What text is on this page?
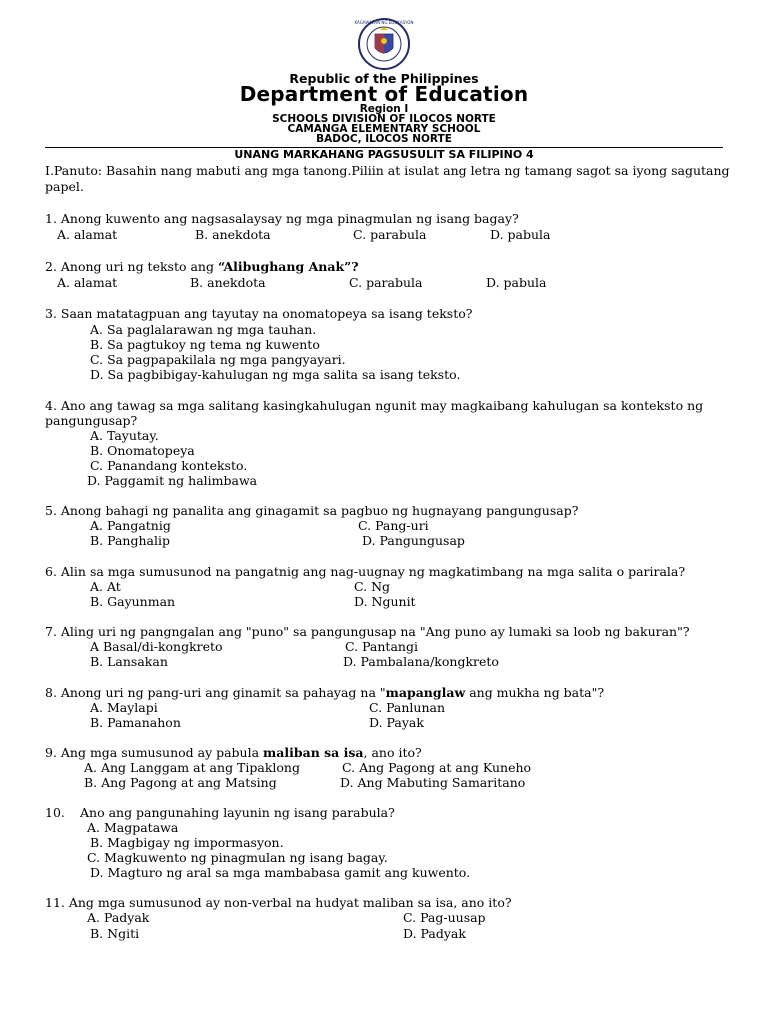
KAGAWARAN NG EDUKASYON
Republic of the Philippines
Department of Education
Region I
SCHOOLS DIVISION OF ILOCOS NORTE
CAMANGA ELEMENTARY SCHOOL
BADOC, ILOCOS NORTE
UNANG MARKAHANG PAGSUSULIT SA FILIPINO 4
I.Panuto: Basahin nang mabuti ang mga tanong.Piliin at isulat ang letra ng tamang sagot sa iyong sagutang
papel.
1. Anong kuwento ang nagsasalaysay ng mga pinagmulan ng isang bagay?
A. alamat	B. anekdota	C. parabula	D. pabula
2. Anong uri ng teksto ang “Alibughang Anak”?
A. alamat	B. anekdota	C. parabula	D. pabula
3. Saan matatagpuan ang tayutay na onomatopeya sa isang teksto?
A. Sa paglalarawan ng mga tauhan.
B. Sa pagtukoy ng tema ng kuwento
C. Sa pagpapakilala ng mga pangyayari.
D. Sa pagbibigay-kahulugan ng mga salita sa isang teksto.
4. Ano ang tawag sa mga salitang kasingkahulugan ngunit may magkaibang kahulugan sa konteksto ng
pangungusap?
A. Tayutay.
B. Onomatopeya
C. Panandang konteksto.
D. Paggamit ng halimbawa
5. Anong bahagi ng panalita ang ginagamit sa pagbuo ng hugnayang pangungusap?
A. Pangatnig	C. Pang-uri
B. Panghalip	D. Pangungusap
6. Alin sa mga sumusunod na pangatnig ang nag-uugnay ng magkatimbang na mga salita o parirala?
A. At	C. Ng
B. Gayunman	D. Ngunit
7. Aling uri ng pangngalan ang "puno" sa pangungusap na "Ang puno ay lumaki sa loob ng bakuran"?
A Basal/di-kongkreto	C. Pantangi
B. Lansakan	D. Pambalana/kongkreto
8. Anong uri ng pang-uri ang ginamit sa pahayag na "mapanglaw ang mukha ng bata"?
A. Maylapi	C. Panlunan
B. Pamanahon	D. Payak
9. Ang mga sumusunod ay pabula maliban sa isa, ano ito?
A. Ang Langgam at ang Tipaklong	C. Ang Pagong at ang Kuneho
B. Ang Pagong at ang Matsing	D. Ang Mabuting Samaritano
10. Ano ang pangunahing layunin ng isang parabula?
A. Magpatawa
B. Magbigay ng impormasyon.
C. Magkuwento ng pinagmulan ng isang bagay.
D. Magturo ng aral sa mga mambabasa gamit ang kuwento.
11. Ang mga sumusunod ay non-verbal na hudyat maliban sa isa, ano ito?
A. Padyak	C. Pag-uusap
B. Ngiti	D. Padyak
